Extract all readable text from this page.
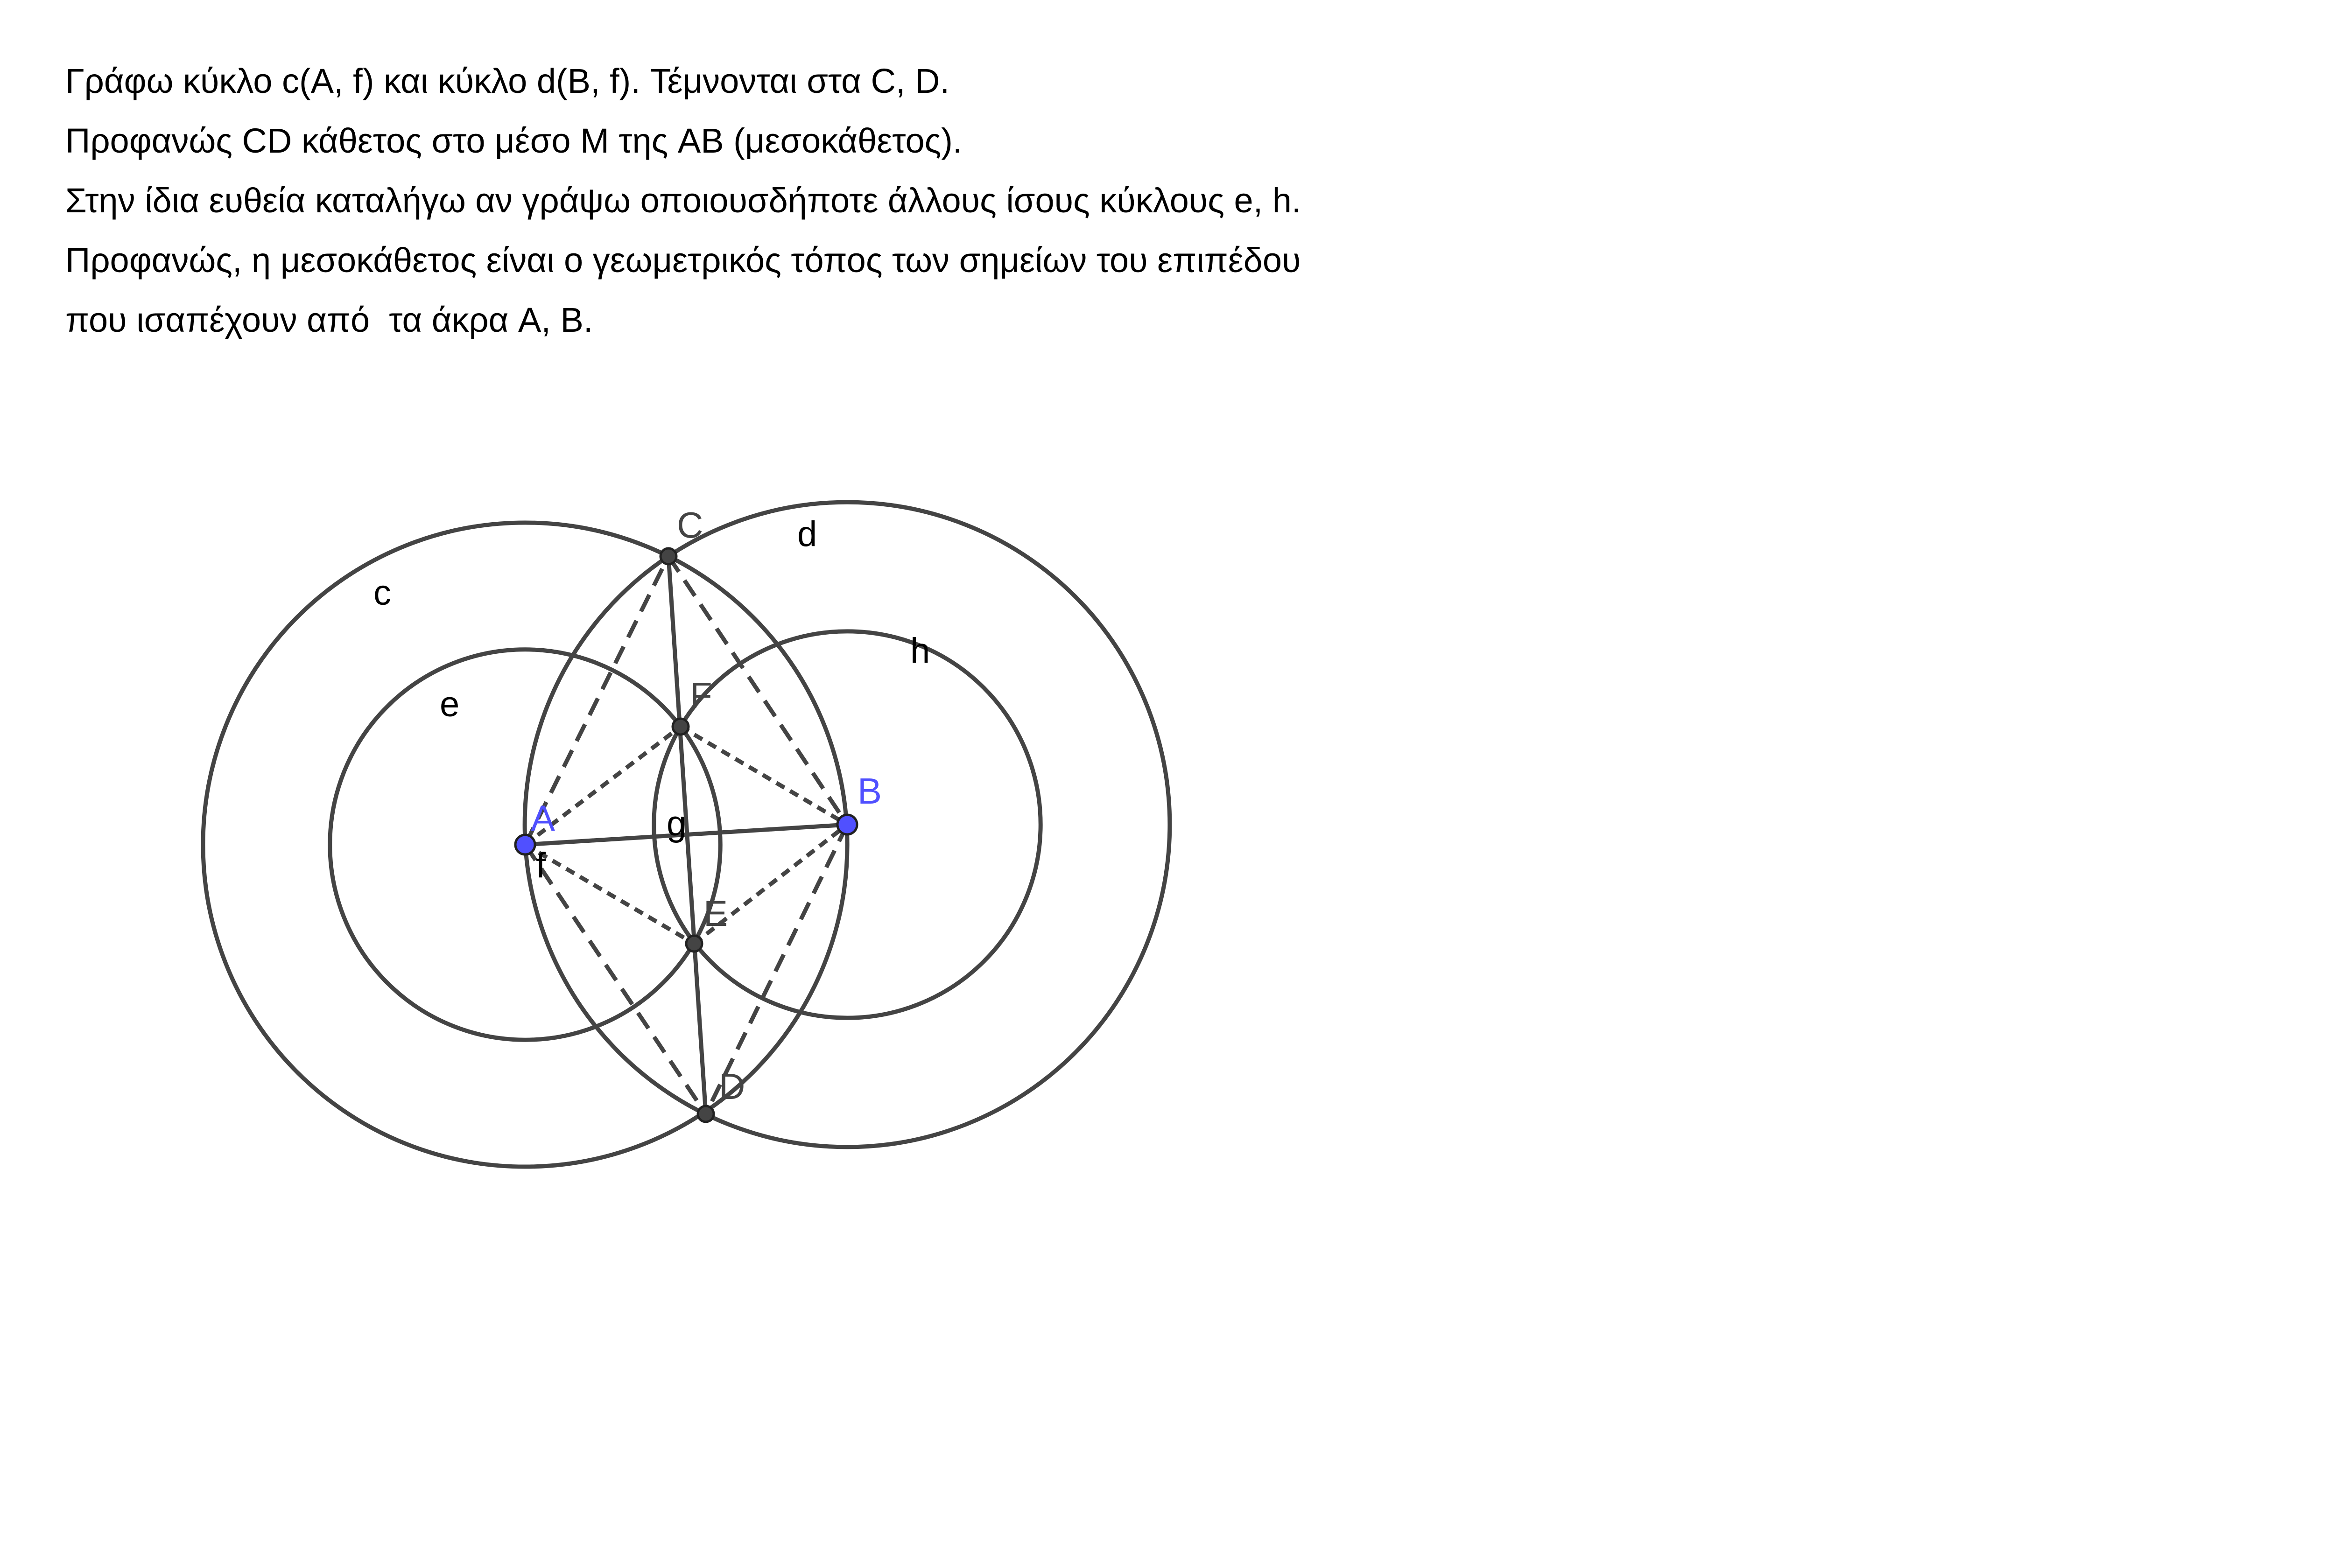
Γράφω κύκλο c(A, f) και κύκλο d(B, f). Τέμνονται στα C, D.

Προφανώς CD κάθετος στο μέσο M της AB (μεσοκάθετος).

Στην ίδια ευθεία καταλήγω αν γράψω οποιουσδήποτε άλλους ίσους κύκλους e, h.

Προφανώς, η μεσοκάθετος είναι ο γεωμετρικός τόπος των σημείων του επιπέδου

που ισαπέχουν από  τα άκρα A, B.

c
d
e
h
g
f
A
B
C
D
F
E
